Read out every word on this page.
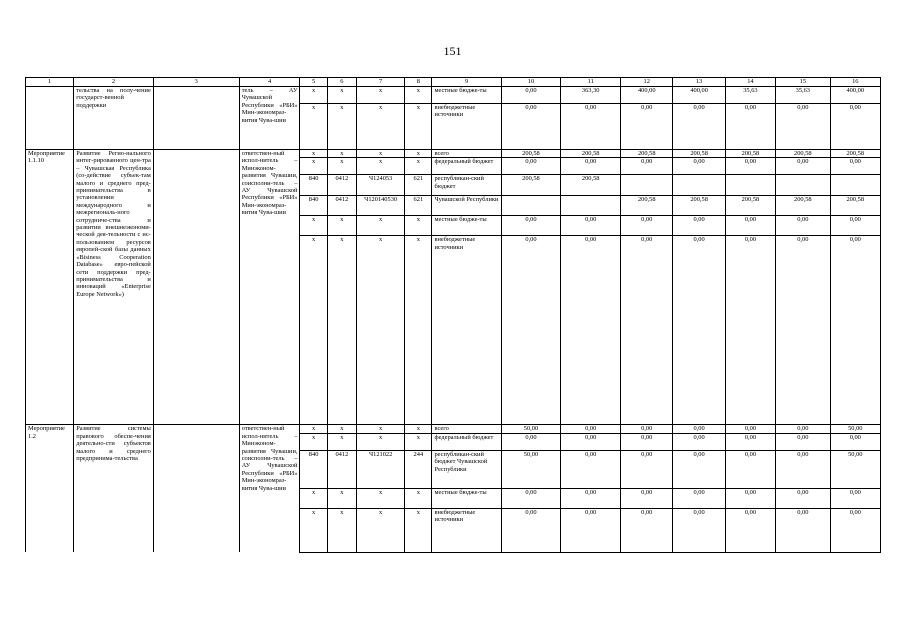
151
1	2	3	4	5	6	7	8	9	10	11	12	13	14	15	16
	тельства на полу-чение государст-венной поддержки		тель – АУ Чувашской Республики «РБИ» Мин-экономраз-вития Чува-шии	x	x	x	x	местные бюдже-ты	0,00	363,30	400,00	400,00	35,63	35,63	400,00
				x	x	x	x	внебюджетные источники	0,00	0,00	0,00	0,00	0,00	0,00	0,00
Мероприятие 1.1.10	Развитие Регио-нального интег-рированного цен-тра – Чувашская Республика (со-действие субъек-там малого и среднего пред-принимательства в установлении международного и межрегиональ-ного сотрудниче-ства и развитии внешнеэкономи-ческой дея-тельности с ис-пользованием ресурсов европей-ской базы данных «Bisiness Cooperation Database» евро-пейской сети поддержки пред-принимательства и инноваций «Enterprise Europe Network»)		ответствен-ный испол-нитель – Минэконом-развития Чувашии, соисполни-тель – АУ Чувашской Республики «РБИ» Мин-экономраз-вития Чува-шии	x	x	x	x	всего	200,58	200,58	200,58	200,58	200,58	200,58	200,58
				x	x	x	x	федеральный бюджет	0,00	0,00	0,00	0,00	0,00	0,00	0,00
				840	0412	Ч124053	621	республикан-ский бюджет	200,58	200,58					
				840	0412	Ч120140530	621	Чувашской Республики			200,58	200,58	200,58	200,58	200,58
				x	x	x	x	местные бюдже-ты	0,00	0,00	0,00	0,00	0,00	0,00	0,00
				x	x	x	x	внебюджетные источники	0,00	0,00	0,00	0,00	0,00	0,00	0,00
Мероприятие 1.2	Развитие системы правового обеспе-чения деятельно-сти субъектов малого и среднего предпринима-тельства		ответствен-ный испол-нитель – Минэконом-развития Чувашии, соисполни-тель – АУ Чувашской Республики «РБИ» Мин-экономраз-вития Чува-шии	x	x	x	x	всего	50,00	0,00	0,00	0,00	0,00	0,00	50,00
				x	x	x	x	федеральный бюджет	0,00	0,00	0,00	0,00	0,00	0,00	0,00
				840	0412	Ч121022	244	республикан-ский бюджет Чувашской Республики	50,00	0,00	0,00	0,00	0,00	0,00	50,00
				x	x	x	x	местные бюдже-ты	0,00	0,00	0,00	0,00	0,00	0,00	0,00
				x	x	x	x	внебюджетные источники	0,00	0,00	0,00	0,00	0,00	0,00	0,00
